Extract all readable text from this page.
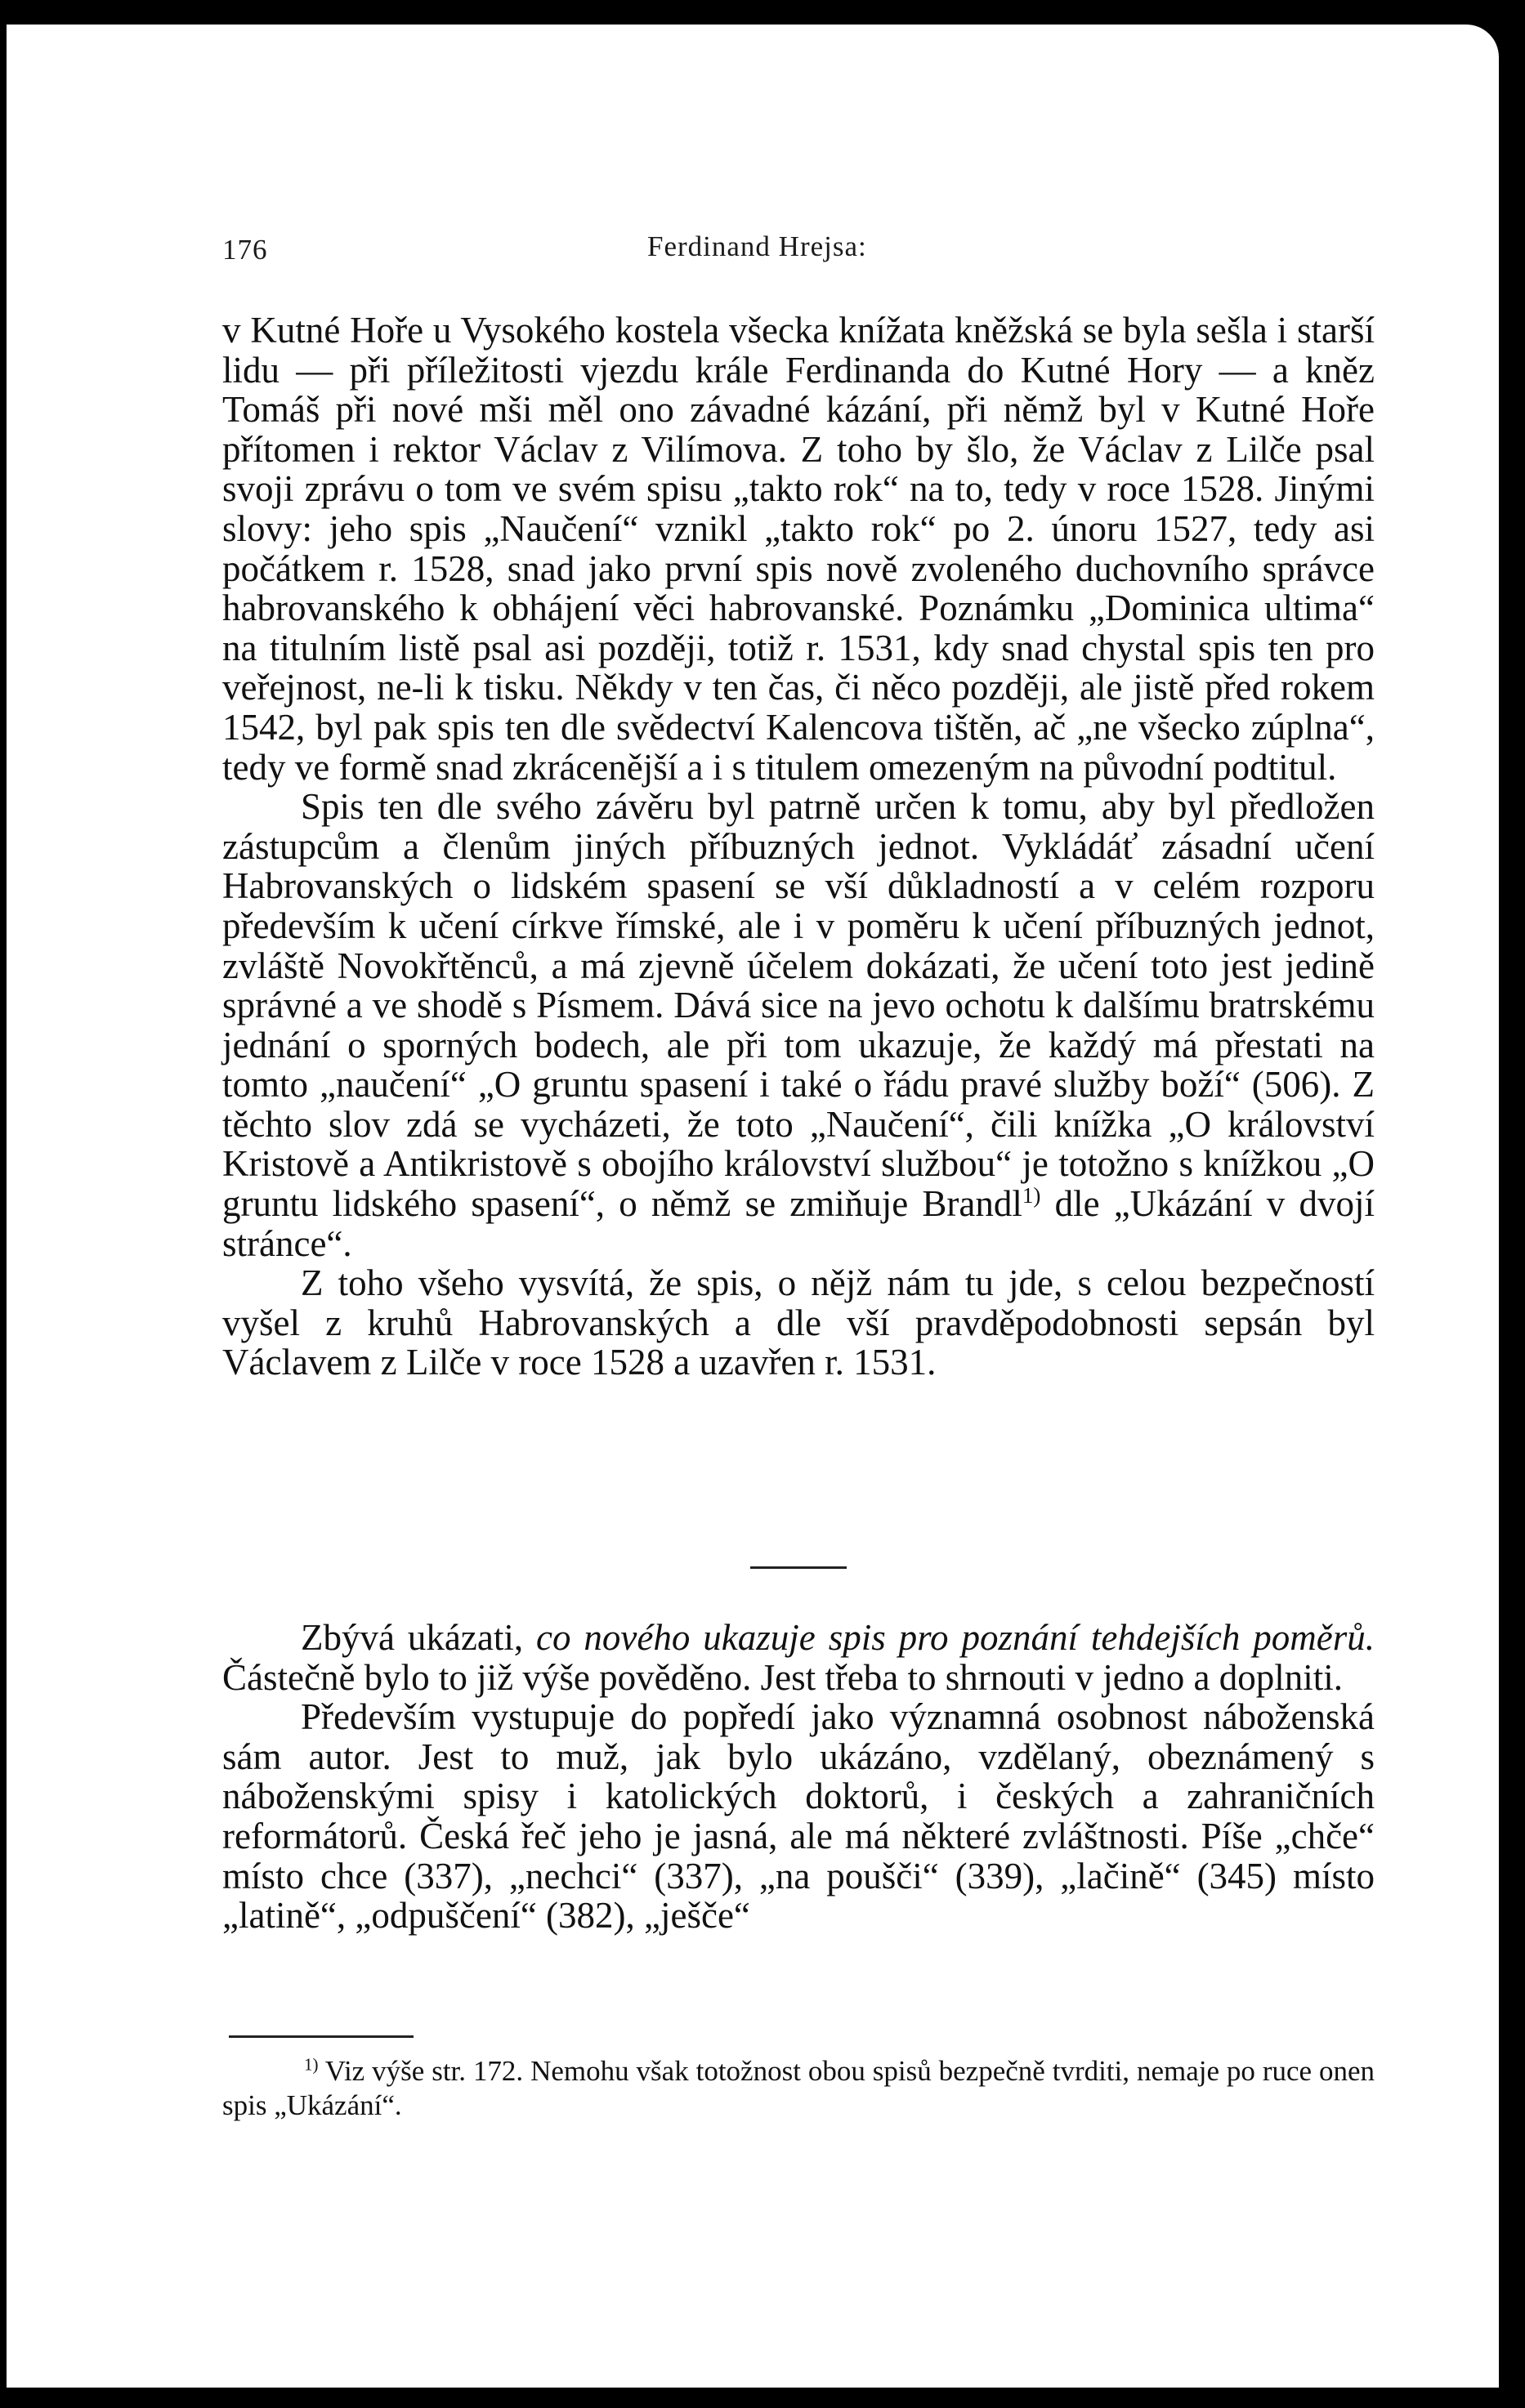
176	Ferdinand Hrejsa:

v Kutné Hoře u Vysokého kostela všecka knížata kněžská se byla sešla i starší lidu — při příležitosti vjezdu krále Ferdinanda do Kutné Hory — a kněz Tomáš při nové mši měl ono závadné kázání, při němž byl v Kutné Hoře přítomen i rektor Václav z Vilímova. Z toho by šlo, že Václav z Lilče psal svoji zprávu o tom ve svém spisu „takto rok“ na to, tedy v roce 1528. Jinými slovy: jeho spis „Naučení“ vznikl „takto rok“ po 2. únoru 1527, tedy asi počátkem r. 1528, snad jako první spis nově zvoleného duchovního správce habrovanského k obhájení věci habrovanské. Poznámku „Dominica ultima“ na titulním listě psal asi později, totiž r. 1531, kdy snad chystal spis ten pro veřejnost, ne-li k tisku. Někdy v ten čas, či něco později, ale jistě před rokem 1542, byl pak spis ten dle svědectví Kalencova tištěn, ač „ne všecko zúplna“, tedy ve formě snad zkrácenější a i s titulem omezeným na původní podtitul.

Spis ten dle svého závěru byl patrně určen k tomu, aby byl předložen zástupcům a členům jiných příbuzných jednot. Vykládáť zásadní učení Habrovanských o lidském spasení se vší důkladností a v celém rozporu především k učení církve římské, ale i v poměru k učení příbuzných jednot, zvláště Novokřtěnců, a má zjevně účelem dokázati, že učení toto jest jedině správné a ve shodě s Písmem. Dává sice na jevo ochotu k dalšímu bratrskému jednání o sporných bodech, ale při tom ukazuje, že každý má přestati na tomto „naučení“ „O gruntu spasení i také o řádu pravé služby boží“ (506). Z těchto slov zdá se vycházeti, že toto „Naučení“, čili knížka „O království Kristově a Antikristově s obojího království službou“ je totožno s knížkou „O gruntu lidského spasení“, o němž se zmiňuje Brandl$^{1)}$ dle „Ukázání v dvojí stránce“.

Z toho všeho vysvítá, že spis, o nějž nám tu jde, s celou bezpečností vyšel z kruhů Habrovanských a dle vší pravděpodobnosti sepsán byl Václavem z Lilče v roce 1528 a uzavřen r. 1531.

Zbývá ukázati, co nového ukazuje spis pro poznání tehdejších poměrů. Částečně bylo to již výše pověděno. Jest třeba to shrnouti v jedno a doplniti.

Především vystupuje do popředí jako významná osobnost náboženská sám autor. Jest to muž, jak bylo ukázáno, vzdělaný, obeznámený s náboženskými spisy i katolických doktorů, i českých a zahraničních reformátorů. Česká řeč jeho je jasná, ale má některé zvláštnosti. Píše „chče“ místo chce (337), „nechci“ (337), „na poušči“ (339), „lačině“ (345) místo „latině“, „odpuščení“ (382), „ješče“

$^{1)}$ Viz výše str. 172. Nemohu však totožnost obou spisů bezpečně tvrditi, nemaje po ruce onen spis „Ukázání“.
